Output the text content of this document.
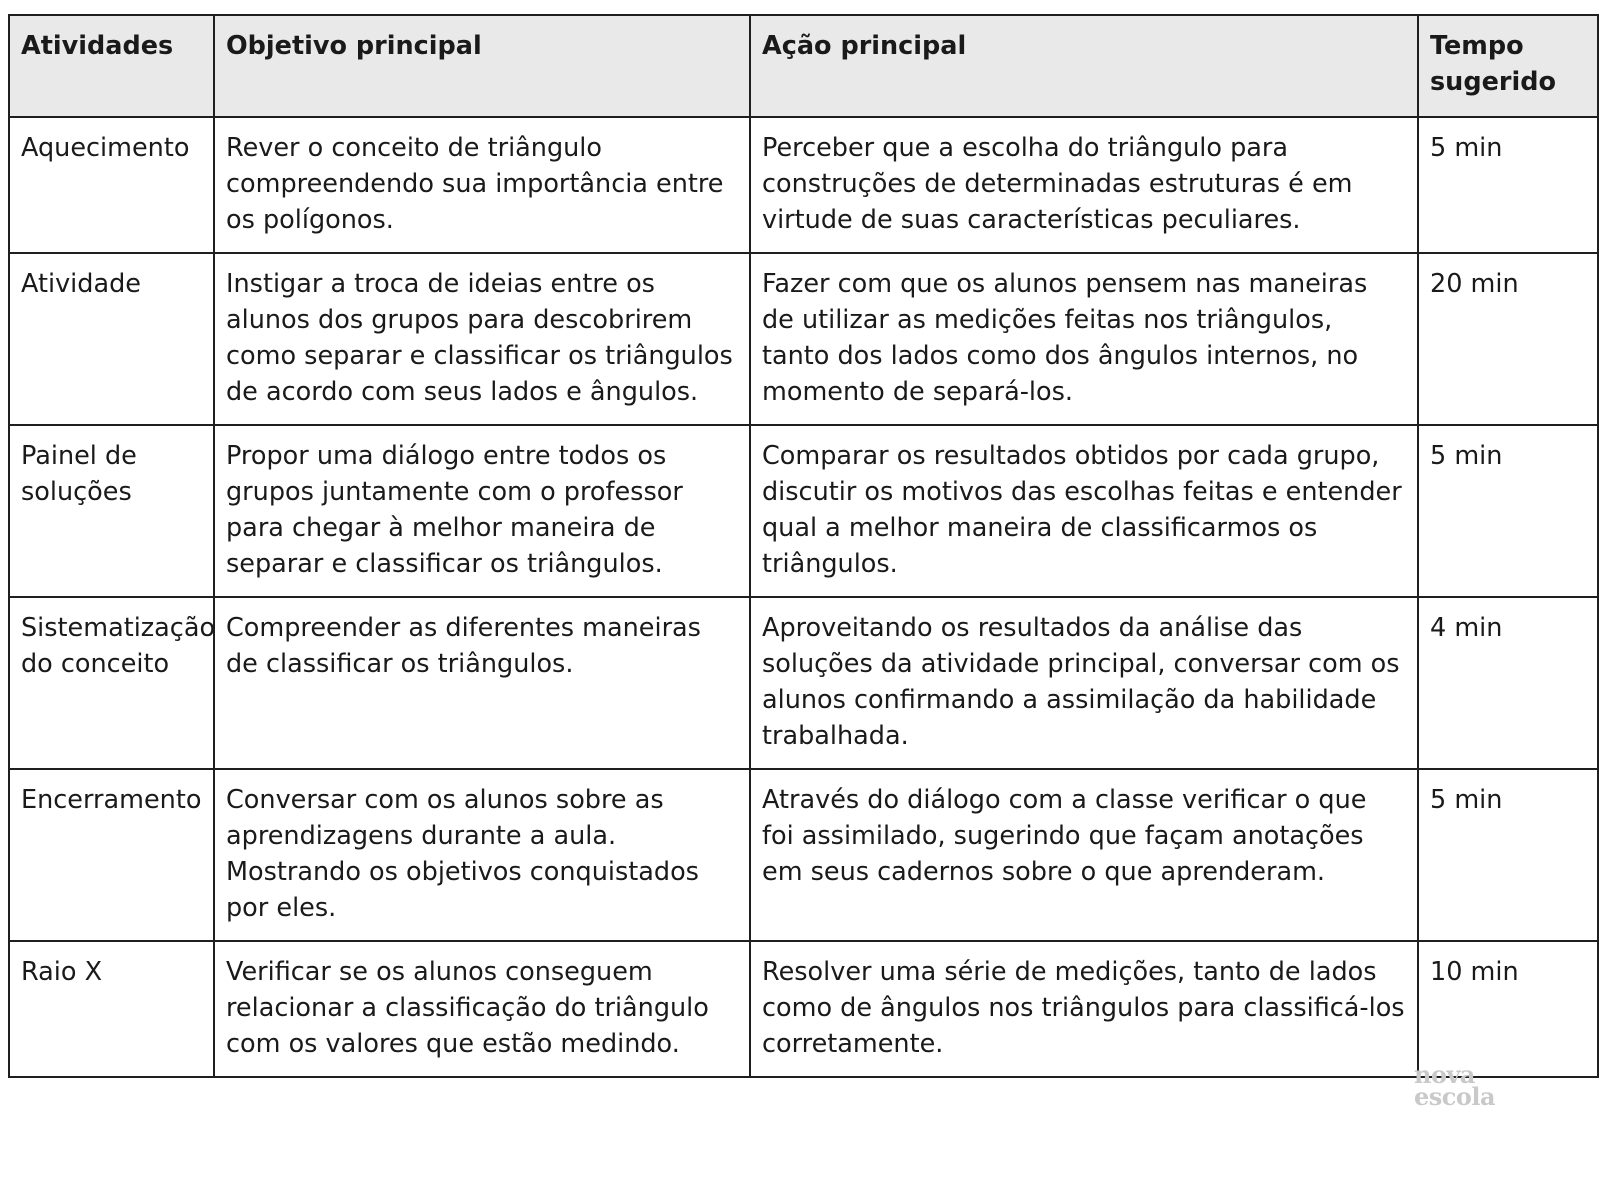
Atividades	Objetivo principal	Ação principal	Tempo sugerido
Aquecimento	Rever o conceito de triângulo compreendendo sua importância entre os polígonos.	Perceber que a escolha do triângulo para construções de determinadas estruturas é em virtude de suas características peculiares.	5 min
Atividade	Instigar a troca de ideias entre os alunos dos grupos para descobrirem como separar e classificar os triângulos de acordo com seus lados e ângulos.	Fazer com que os alunos pensem nas maneiras de utilizar as medições feitas nos triângulos, tanto dos lados como dos ângulos internos, no momento de separá-los.	20 min
Painel de soluções	Propor uma diálogo entre todos os grupos juntamente com o professor para chegar à melhor maneira de separar e classificar os triângulos.	Comparar os resultados obtidos por cada grupo, discutir os motivos das escolhas feitas e entender qual a melhor maneira de classificarmos os triângulos.	5 min
Sistematização do conceito	Compreender as diferentes maneiras de classificar os triângulos.	Aproveitando os resultados da análise das soluções da atividade principal, conversar com os alunos confirmando a assimilação da habilidade trabalhada.	4 min
Encerramento	Conversar com os alunos sobre as aprendizagens durante a aula. Mostrando os objetivos conquistados por eles.	Através do diálogo com a classe verificar o que foi assimilado, sugerindo que façam anotações em seus cadernos sobre o que aprenderam.	5 min
Raio X	Verificar se os alunos conseguem relacionar a classificação do triângulo com os valores que estão medindo.	Resolver uma série de medições, tanto de lados como de ângulos nos triângulos para classificá-los corretamente.	10 min
nova
escola
